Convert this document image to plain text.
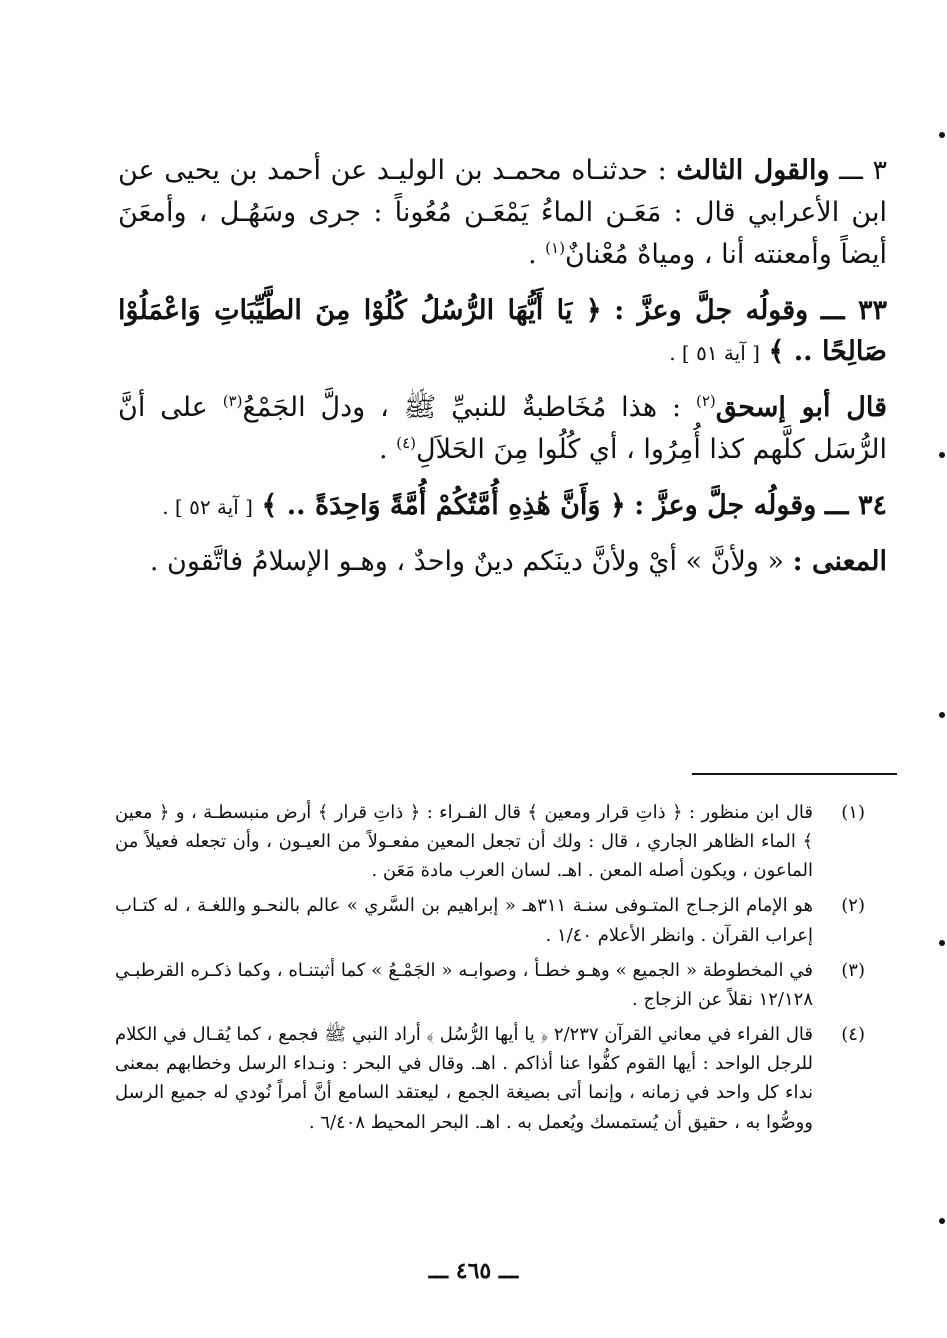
٣ ـــ والقول الثالث : حدثنـاه محمـد بن الوليـد عن أحمد بن يحيى عن ابن الأعرابي قال : مَعَـن الماءُ يَمْعَـن مُعُوناً : جرى وسَهُـل ، وأمعَنَ أيضاً وأمعنته أنا ، ومياهٌ مُعْنانٌ$^{(١)}$ .

٣٣ ـــ وقولُه جلَّ وعزَّ : ﴿ يَا أَيُّهَا الرُّسُلُ كُلُوْا مِنَ الطَّيِّبَاتِ وَاعْمَلُوْا صَالِحًا .. ﴾ [ آية ٥١ ] .

قال أبو إسحق$^{(٢)}$ : هذا مُخَاطبةٌ للنبيِّ ﷺ ، ودلَّ الجَمْعُ$^{(٣)}$ على أنَّ الرُّسَل كلَّهم كذا أُمِرُوا ، أي كُلُوا مِنَ الحَلاَلِ$^{(٤)}$ .

٣٤ ـــ وقولُه جلَّ وعزَّ : ﴿ وَأَنَّ هَٰذِهِ أُمَّتُكُمْ أُمَّةً وَاحِدَةً .. ﴾ [ آية ٥٢ ] .

المعنى : « ولأنَّ » أيْ ولأنَّ دينَكم دينٌ واحدٌ ، وهـو الإسلامُ فاتَّقون .

(١)
قال ابن منظور : ﴿ ذاتِ قرار ومعين ﴾ قال الفـراء : ﴿ ذاتِ قرار ﴾ أرض منبسطـة ، و ﴿ معين ﴾ الماء الظاهر الجاري ، قال : ولك أن تجعل المعين مفعـولاً من العيـون ، وأن تجعله فعيلاً من الماعون ، ويكون أصله المعن . اهـ. لسان العرب مادة مَعَن .
(٢)
هو الإمام الزجـاج المتـوفى سنـة ٣١١هـ « إبراهيم بن السَّري » عالم بالنحـو واللغـة ، له كتـاب إعراب القرآن . وانظر الأعلام ١/٤٠ .
(٣)
في المخطوطة « الجميع » وهـو خطـأ ، وصوابـه « الجَمْـعُ » كما أثبتنـاه ، وكما ذكـره القرطبـي ١٢/١٢٨ نقلاً عن الزجاج .
(٤)
قال الفراء في معاني القرآن ٢/٢٣٧ ﴿ يا أيها الرُّسُل ﴾ أراد النبي ﷺ فجمع ، كما يُقـال في الكلام للرجل الواحد : أيها القوم كفُّوا عنا أذاكم . اهـ. وقال في البحر : ونـداء الرسل وخطابهم بمعنى نداء كل واحد في زمانه ، وإنما أتى بصيغة الجمع ، ليعتقد السامع أنَّ أمراً نُودي له جميع الرسل ووصُّوا به ، حقيق أن يُستمسك ويُعمل به . اهـ. البحر المحيط ٦/٤٠٨ .
ـــ ٤٦٥ ـــ
